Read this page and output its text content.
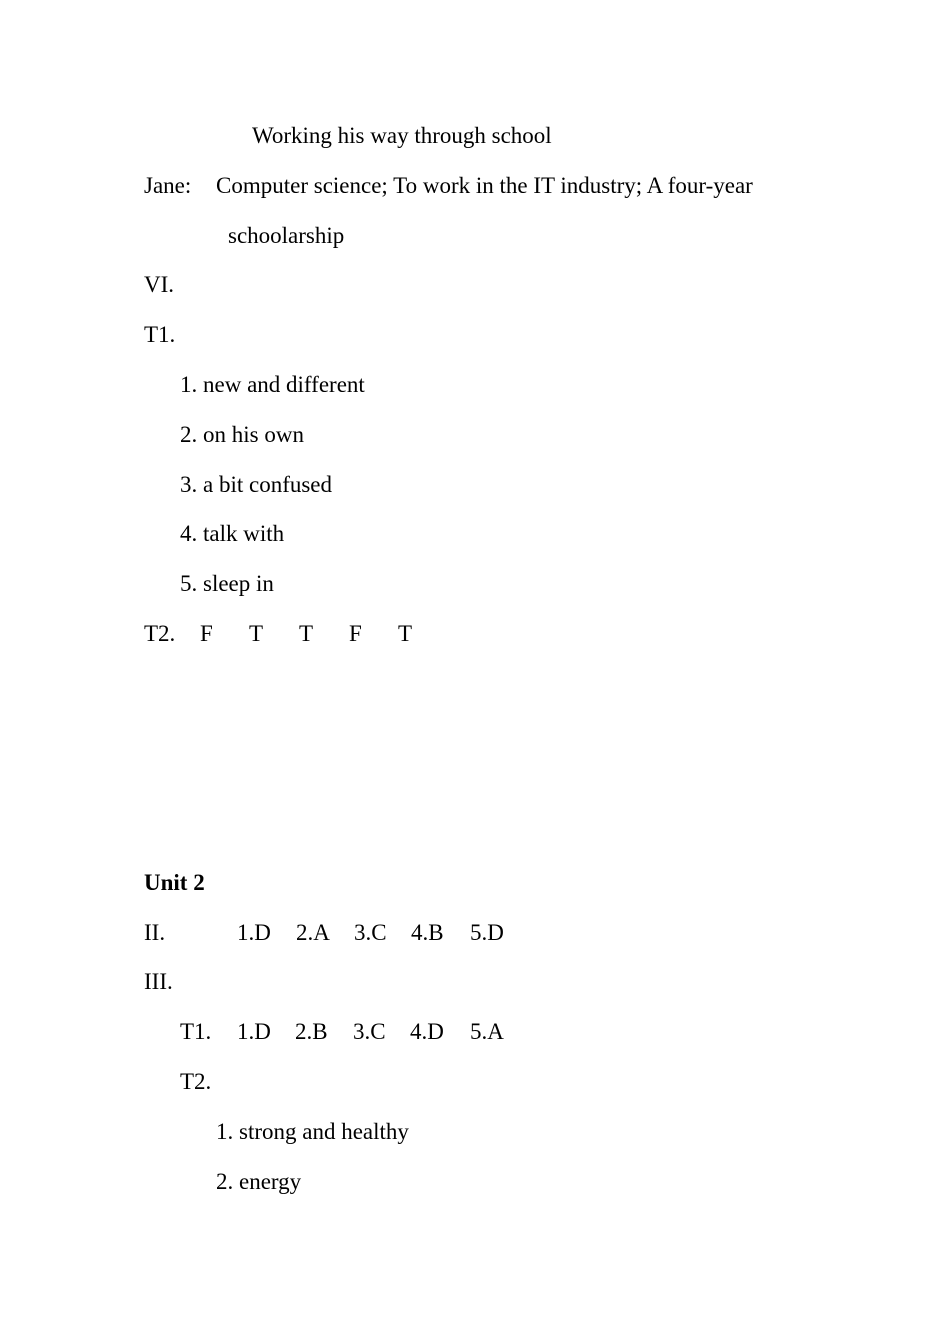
Working his way through school
Jane: Computer science; To work in the IT industry; A four-year
schoolarship
VI.
T1.
1. new and different
2. on his own
3. a bit confused
4. talk with
5. sleep in
T2. F T T F T
Unit 2
II.	1.D 2.A 3.C 4.B 5.D
III.
T1. 1.D 2.B 3.C 4.D 5.A
T2.
1. strong and healthy
2. energy
